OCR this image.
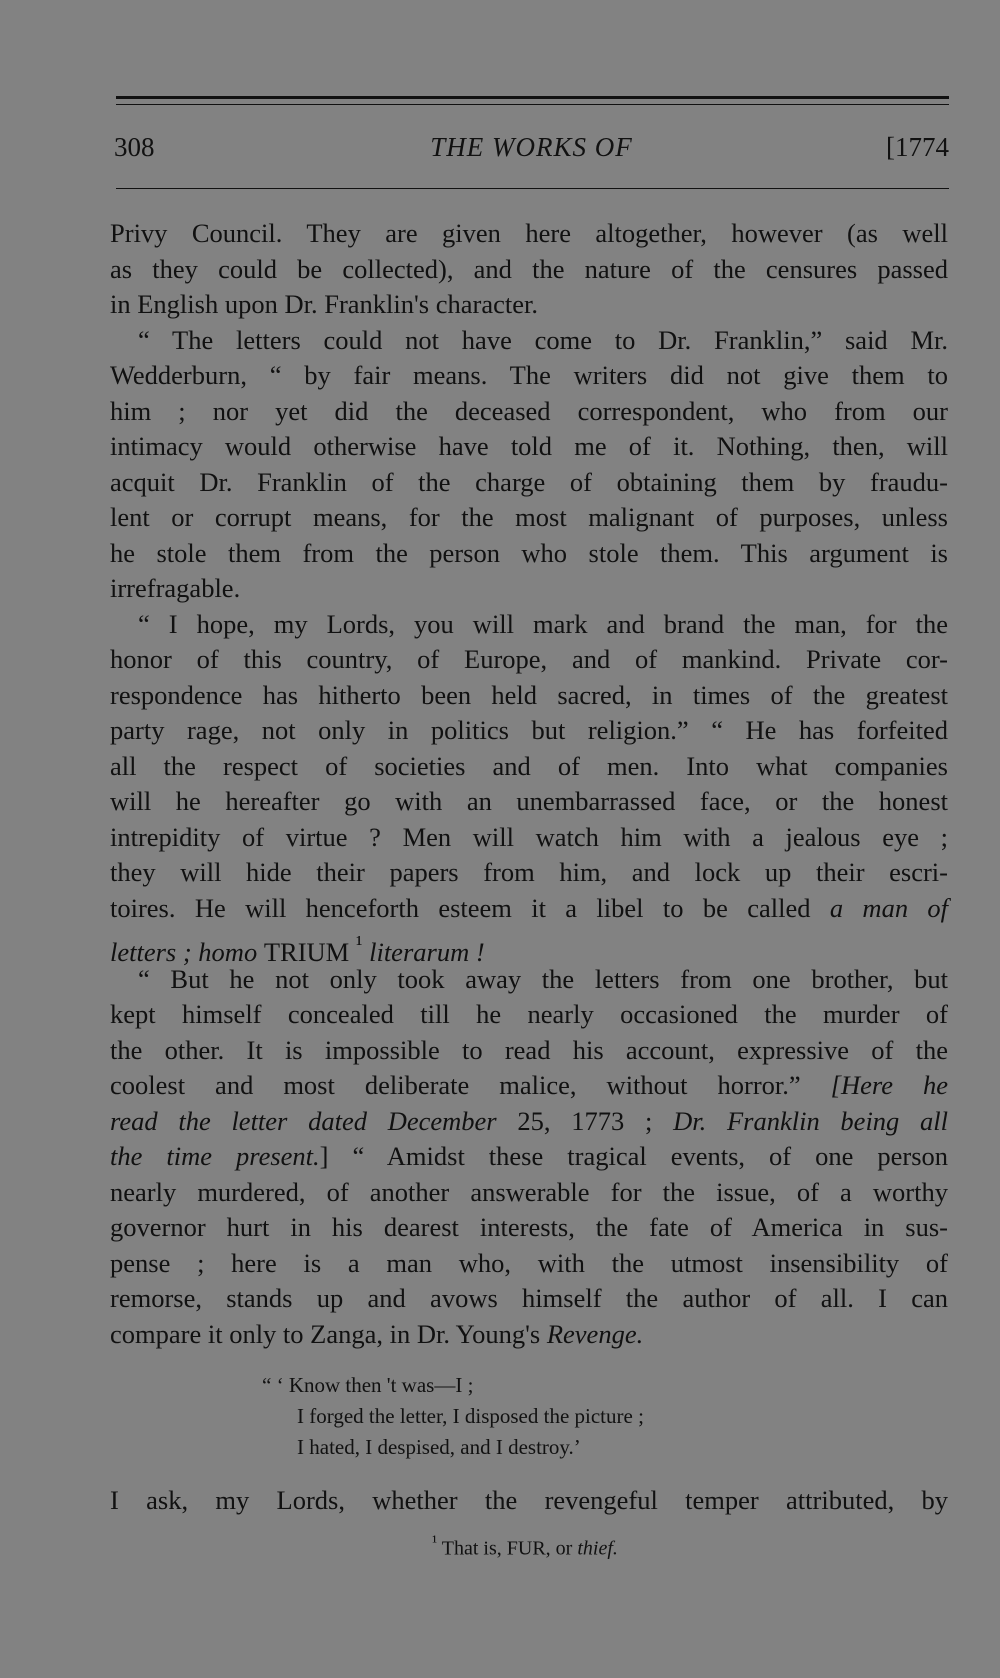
308	THE WORKS OF	[1774
Privy Council. They are given here altogether, however (as well
as they could be collected), and the nature of the censures passed
in English upon Dr. Franklin's character.
“ The letters could not have come to Dr. Franklin,” said Mr.
Wedderburn, “ by fair means. The writers did not give them to
him ; nor yet did the deceased correspondent, who from our
intimacy would otherwise have told me of it. Nothing, then, will
acquit Dr. Franklin of the charge of obtaining them by fraudu-
lent or corrupt means, for the most malignant of purposes, unless
he stole them from the person who stole them. This argument is
irrefragable.
“ I hope, my Lords, you will mark and brand the man, for the
honor of this country, of Europe, and of mankind. Private cor-
respondence has hitherto been held sacred, in times of the greatest
party rage, not only in politics but religion.” “ He has forfeited
all the respect of societies and of men. Into what companies
will he hereafter go with an unembarrassed face, or the honest
intrepidity of virtue ? Men will watch him with a jealous eye ;
they will hide their papers from him, and lock up their escri-
toires. He will henceforth esteem it a libel to be called a man of
letters ; homo TRIUM $^{^1}$ literarum !
“ But he not only took away the letters from one brother, but
kept himself concealed till he nearly occasioned the murder of
the other. It is impossible to read his account, expressive of the
coolest and most deliberate malice, without horror.” [Here he
read the letter dated December 25, 1773 ; Dr. Franklin being all
the time present.] “ Amidst these tragical events, of one person
nearly murdered, of another answerable for the issue, of a worthy
governor hurt in his dearest interests, the fate of America in sus-
pense ; here is a man who, with the utmost insensibility of
remorse, stands up and avows himself the author of all. I can
compare it only to Zanga, in Dr. Young's Revenge.
“ ‘ Know then 't was—I ;
I forged the letter, I disposed the picture ;
I hated, I despised, and I destroy.’
I ask, my Lords, whether the revengeful temper attributed, by
$^{^1}$ That is, FUR, or thief.
